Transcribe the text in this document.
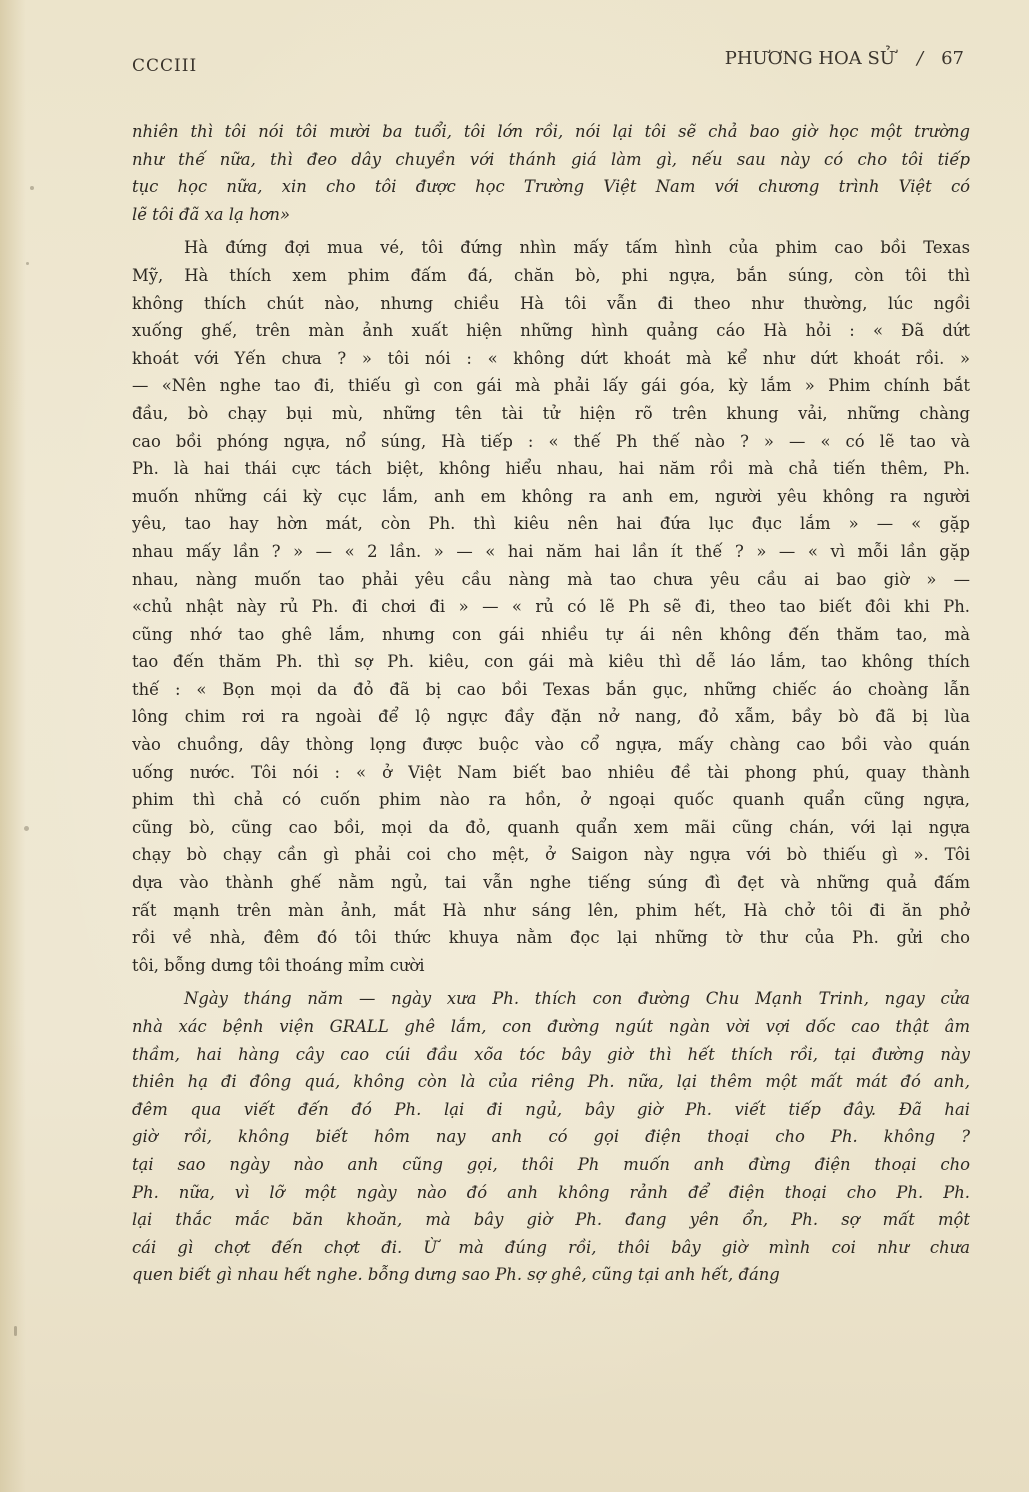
CCCIII	PHƯƠNG HOA SỬ / 67
nhiên thì tôi nói tôi mười ba tuổi, tôi lớn rồi, nói lại tôi sẽ chả bao giờ học một trường
như thế nữa, thì đeo dây chuyền với thánh giá làm gì, nếu sau này có cho tôi tiếp
tục học nữa, xin cho tôi được học Trường Việt Nam với chương trình Việt có
lẽ tôi đã xa lạ hơn»
Hà đứng đợi mua vé, tôi đứng nhìn mấy tấm hình của phim cao bồi Texas
Mỹ, Hà thích xem phim đấm đá, chăn bò, phi ngựa, bắn súng, còn tôi thì
không thích chút nào, nhưng chiều Hà tôi vẫn đi theo như thường, lúc ngồi
xuống ghế, trên màn ảnh xuất hiện những hình quảng cáo Hà hỏi : « Đã dứt
khoát với Yến chưa ? » tôi nói : « không dứt khoát mà kể như dứt khoát rồi. »
— «Nên nghe tao đi, thiếu gì con gái mà phải lấy gái góa, kỳ lắm » Phim chính bắt
đầu, bò chạy bụi mù, những tên tài tử hiện rõ trên khung vải, những chàng
cao bồi phóng ngựa, nổ súng, Hà tiếp : « thế Ph thế nào ? » — « có lẽ tao và
Ph. là hai thái cực tách biệt, không hiểu nhau, hai năm rồi mà chả tiến thêm, Ph.
muốn những cái kỳ cục lắm, anh em không ra anh em, người yêu không ra người
yêu, tao hay hờn mát, còn Ph. thì kiêu nên hai đứa lục đục lắm » — « gặp
nhau mấy lần ? » — « 2 lần. » — « hai năm hai lần ít thế ? » — « vì mỗi lần gặp
nhau, nàng muốn tao phải yêu cầu nàng mà tao chưa yêu cầu ai bao giờ » —
«chủ nhật này rủ Ph. đi chơi đi » — « rủ có lẽ Ph sẽ đi, theo tao biết đôi khi Ph.
cũng nhớ tao ghê lắm, nhưng con gái nhiều tự ái nên không đến thăm tao, mà
tao đến thăm Ph. thì sợ Ph. kiêu, con gái mà kiêu thì dễ láo lắm, tao không thích
thế : « Bọn mọi da đỏ đã bị cao bồi Texas bắn gục, những chiếc áo choàng lẫn
lông chim rơi ra ngoài để lộ ngực đầy đặn nở nang, đỏ xẫm, bầy bò đã bị lùa
vào chuồng, dây thòng lọng được buộc vào cổ ngựa, mấy chàng cao bồi vào quán
uống nước. Tôi nói : « ở Việt Nam biết bao nhiêu đề tài phong phú, quay thành
phim thì chả có cuốn phim nào ra hồn, ở ngoại quốc quanh quẩn cũng ngựa,
cũng bò, cũng cao bồi, mọi da đỏ, quanh quẩn xem mãi cũng chán, với lại ngựa
chạy bò chạy cần gì phải coi cho mệt, ở Saigon này ngựa với bò thiếu gì ». Tôi
dựa vào thành ghế nằm ngủ, tai vẫn nghe tiếng súng đì đẹt và những quả đấm
rất mạnh trên màn ảnh, mắt Hà như sáng lên, phim hết, Hà chở tôi đi ăn phở
rồi về nhà, đêm đó tôi thức khuya nằm đọc lại những tờ thư của Ph. gửi cho
tôi, bỗng dưng tôi thoáng mỉm cười
Ngày tháng năm — ngày xưa Ph. thích con đường Chu Mạnh Trinh, ngay cửa
nhà xác bệnh viện GRALL ghê lắm, con đường ngút ngàn vời vợi dốc cao thật âm
thầm, hai hàng cây cao cúi đầu xõa tóc bây giờ thì hết thích rồi, tại đường này
thiên hạ đi đông quá, không còn là của riêng Ph. nữa, lại thêm một mất mát đó anh,
đêm qua viết đến đó Ph. lại đi ngủ, bây giờ Ph. viết tiếp đây. Đã hai
giờ rồi, không biết hôm nay anh có gọi điện thoại cho Ph. không ?
tại sao ngày nào anh cũng gọi, thôi Ph muốn anh đừng điện thoại cho
Ph. nữa, vì lỡ một ngày nào đó anh không rảnh để điện thoại cho Ph. Ph.
lại thắc mắc băn khoăn, mà bây giờ Ph. đang yên ổn, Ph. sợ mất một
cái gì chợt đến chợt đi. Ừ mà đúng rồi, thôi bây giờ mình coi như chưa
quen biết gì nhau hết nghe. bỗng dưng sao Ph. sợ ghê, cũng tại anh hết, đáng
